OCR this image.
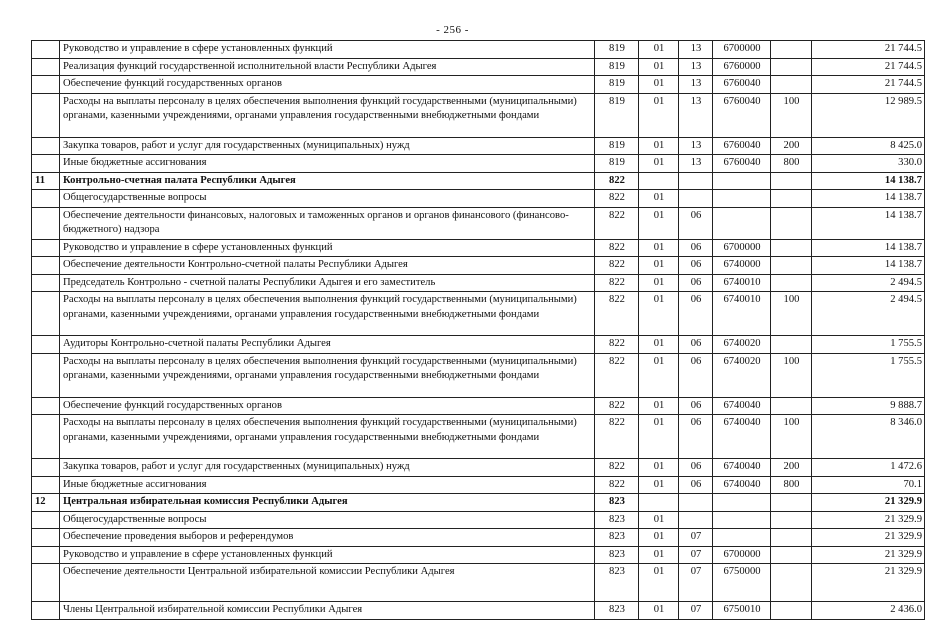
- 256 -
	Руководство и управление в сфере установленных функций	819	01	13	6700000		21 744.5
	Реализация функций государственной исполнительной власти Республики Адыгея	819	01	13	6760000		21 744.5
	Обеспечение функций государственных органов	819	01	13	6760040		21 744.5
	Расходы на выплаты персоналу в целях обеспечения выполнения функций государственными (муниципальными) органами, казенными учреждениями, органами управления государственными внебюджетными фондами	819	01	13	6760040	100	12 989.5
	Закупка товаров, работ и услуг для государственных (муниципальных) нужд	819	01	13	6760040	200	8 425.0
	Иные бюджетные ассигнования	819	01	13	6760040	800	330.0
11	Контрольно-счетная палата Республики Адыгея	822					14 138.7
	Общегосударственные вопросы	822	01				14 138.7
	Обеспечение деятельности финансовых, налоговых и таможенных органов и органов финансового (финансово-бюджетного) надзора	822	01	06			14 138.7
	Руководство и управление в сфере установленных функций	822	01	06	6700000		14 138.7
	Обеспечение деятельности Контрольно-счетной палаты Республики Адыгея	822	01	06	6740000		14 138.7
	Председатель Контрольно - счетной палаты Республики Адыгея и его заместитель	822	01	06	6740010		2 494.5
	Расходы на выплаты персоналу в целях обеспечения выполнения функций государственными (муниципальными) органами, казенными учреждениями, органами управления государственными внебюджетными фондами	822	01	06	6740010	100	2 494.5
	Аудиторы Контрольно-счетной палаты Республики Адыгея	822	01	06	6740020		1 755.5
	Расходы на выплаты персоналу в целях обеспечения выполнения функций государственными (муниципальными) органами, казенными учреждениями, органами управления государственными внебюджетными фондами	822	01	06	6740020	100	1 755.5
	Обеспечение функций государственных органов	822	01	06	6740040		9 888.7
	Расходы на выплаты персоналу в целях обеспечения выполнения функций государственными (муниципальными) органами, казенными учреждениями, органами управления государственными внебюджетными фондами	822	01	06	6740040	100	8 346.0
	Закупка товаров, работ и услуг для государственных (муниципальных) нужд	822	01	06	6740040	200	1 472.6
	Иные бюджетные ассигнования	822	01	06	6740040	800	70.1
12	Центральная избирательная комиссия Республики Адыгея	823					21 329.9
	Общегосударственные вопросы	823	01				21 329.9
	Обеспечение проведения выборов и референдумов	823	01	07			21 329.9
	Руководство и управление в сфере установленных функций	823	01	07	6700000		21 329.9
	Обеспечение деятельности Центральной избирательной комиссии Республики Адыгея	823	01	07	6750000		21 329.9
	Члены Центральной избирательной комиссии Республики Адыгея	823	01	07	6750010		2 436.0
